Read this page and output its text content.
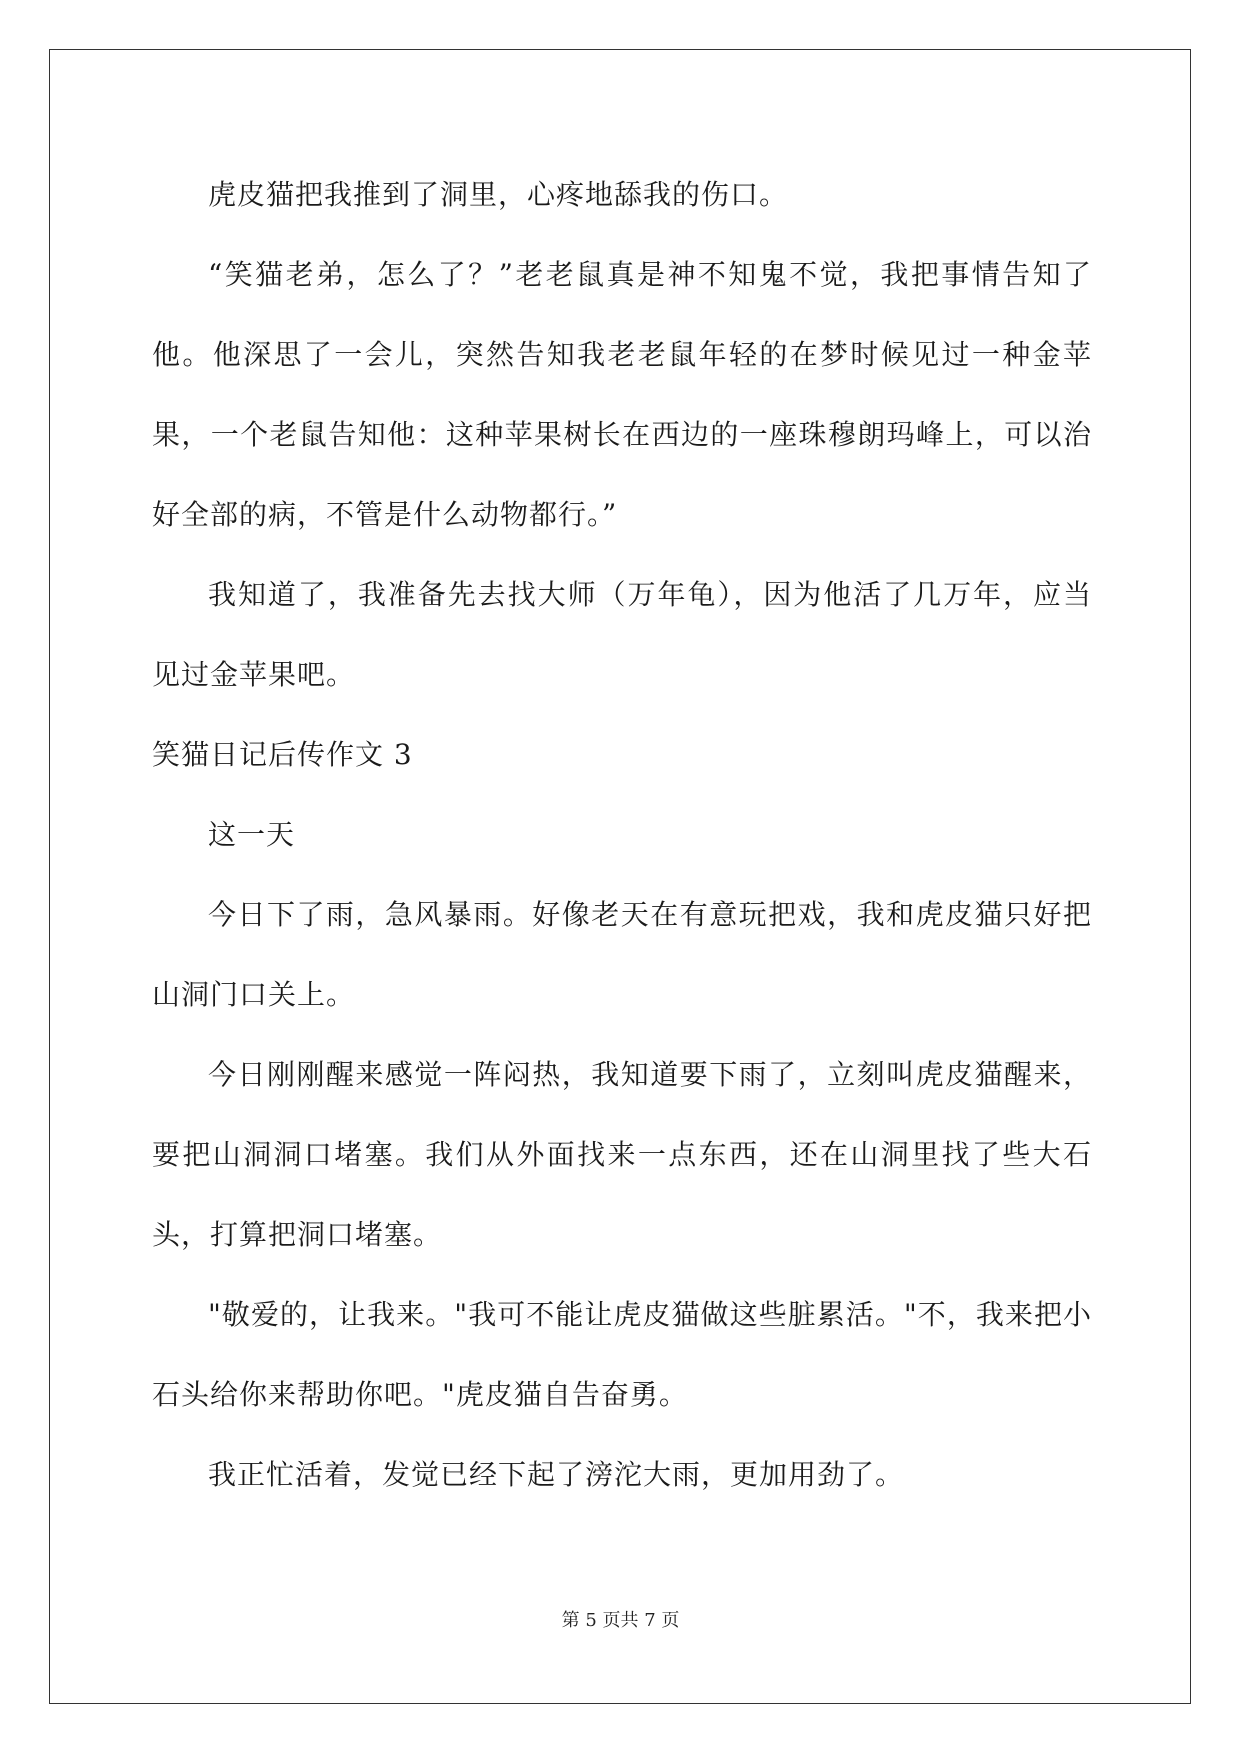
虎皮猫把我推到了洞里，心疼地舔我的伤口。

“笑猫老弟，怎么了？”老老鼠真是神不知鬼不觉，我把事情告知了他。他深思了一会儿，突然告知我老老鼠年轻的在梦时候见过一种金苹果，一个老鼠告知他：这种苹果树长在西边的一座珠穆朗玛峰上，可以治好全部的病，不管是什么动物都行。”

我知道了，我准备先去找大师（万年龟），因为他活了几万年，应当见过金苹果吧。

笑猫日记后传作文 3

这一天

今日下了雨，急风暴雨。好像老天在有意玩把戏，我和虎皮猫只好把山洞门口关上。

今日刚刚醒来感觉一阵闷热，我知道要下雨了，立刻叫虎皮猫醒来，要把山洞洞口堵塞。我们从外面找来一点东西，还在山洞里找了些大石头，打算把洞口堵塞。

"敬爱的，让我来。"我可不能让虎皮猫做这些脏累活。"不，我来把小石头给你来帮助你吧。"虎皮猫自告奋勇。

我正忙活着，发觉已经下起了滂沱大雨，更加用劲了。

第 5 页共 7 页
